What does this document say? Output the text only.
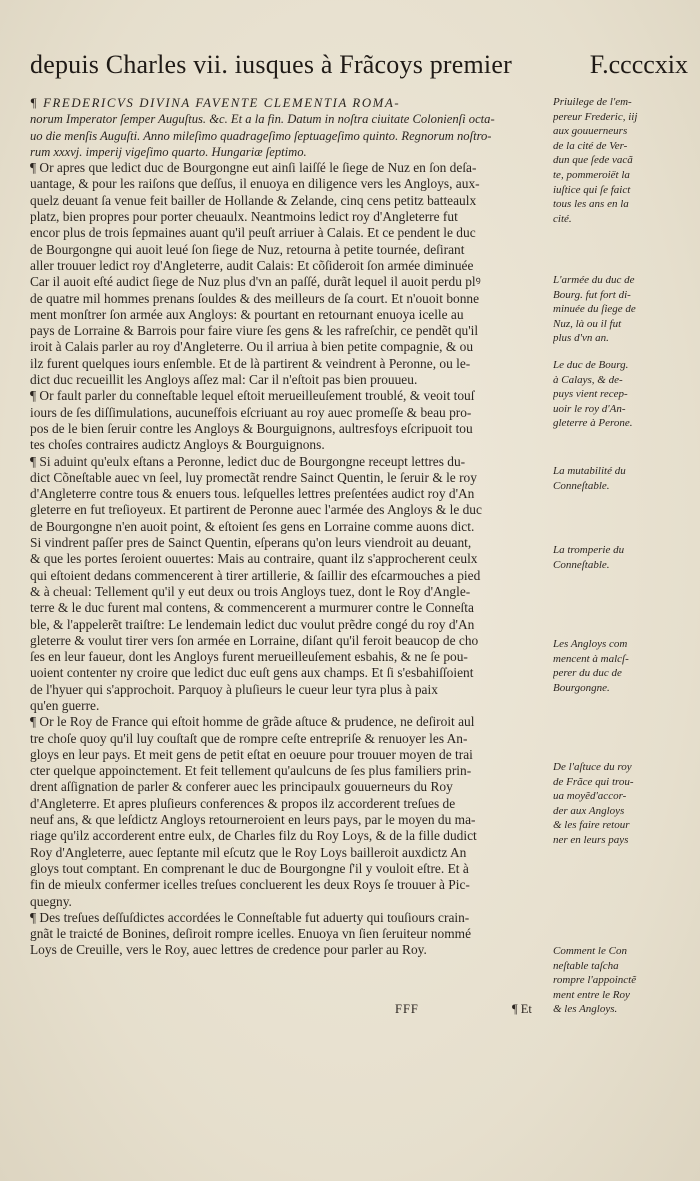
depuis Charles vii. iusques à Frãcoys premier	F.ccccxix
¶ FREDERICVS DIVINA FAVENTE CLEMENTIA ROMA-
norum Imperator ſemper Auguſtus. &c. Et a la fin. Datum in noſtra ciuitate Colonienſi octa-
uo die menſis Auguſti. Anno mileſimo quadrageſimo ſeptuageſimo quinto. Regnorum noſtro-
rum xxxvj. imperij vigeſimo quarto. Hungariæ ſeptimo.
¶ Or apres que ledict duc de Bourgongne eut ainſi laiſſé le ſiege de Nuz en ſon deſa-
uantage, & pour les raiſons que deſſus, il enuoya en diligence vers les Angloys, aux-
quelz deuant ſa venue feit bailler de Hollande & Zelande, cinq cens petitz batteaulx
platz, bien propres pour porter cheuaulx. Neantmoins ledict roy d'Angleterre fut
encor plus de trois ſepmaines auant qu'il peuſt arriuer à Calais. Et ce pendent le duc
de Bourgongne qui auoit leué ſon ſiege de Nuz, retourna à petite tournée, deſirant
aller trouuer ledict roy d'Angleterre, audit Calais: Et cõſideroit ſon armée diminuée
Car il auoit eſté audict ſiege de Nuz plus d'vn an paſſé, durãt lequel il auoit perdu plꝰ
de quatre mil hommes prenans ſouldes & des meilleurs de ſa court. Et n'ouoit bonne
ment monſtrer ſon armée aux Angloys: & pourtant en retournant enuoya icelle au
pays de Lorraine & Barrois pour faire viure ſes gens & les rafreſchir, ce pendẽt qu'il
iroit à Calais parler au roy d'Angleterre. Ou il arriua à bien petite compagnie, & ou
ilz furent quelques iours enſemble. Et de là partirent & veindrent à Peronne, ou le-
dict duc recueillit les Angloys aſſez mal: Car il n'eſtoit pas bien prouueu.
¶ Or fault parler du conneſtable lequel eſtoit merueilleuſement troublé, & veoit touſ
iours de ſes diſſimulations, aucuneſfois eſcriuant au roy auec promeſſe & beau pro-
pos de le bien ſeruir contre les Angloys & Bourguignons, aultresfoys eſcripuoit tou
tes choſes contraires audictz Angloys & Bourguignons.
¶ Si aduint qu'eulx eſtans a Peronne, ledict duc de Bourgongne receupt lettres du-
dict Cõneſtable auec vn ſeel, luy promectãt rendre Sainct Quentin, le ſeruir & le roy
d'Angleterre contre tous & enuers tous. leſquelles lettres preſentées audict roy d'An
gleterre en fut treſioyeux. Et partirent de Peronne auec l'armée des Angloys & le duc
de Bourgongne n'en auoit point, & eſtoient ſes gens en Lorraine comme auons dict.
Si vindrent paſſer pres de Sainct Quentin, eſperans qu'on leurs viendroit au deuant,
& que les portes ſeroient ouuertes: Mais au contraire, quant ilz s'approcherent ceulx
qui eſtoient dedans commencerent à tirer artillerie, & ſaillir des eſcarmouches a pied
& à cheual: Tellement qu'il y eut deux ou trois Angloys tuez, dont le Roy d'Angle-
terre & le duc furent mal contens, & commencerent a murmurer contre le Conneſta
ble, & l'appelerẽt traiſtre: Le lendemain ledict duc voulut prẽdre congé du roy d'An
gleterre & voulut tirer vers ſon armée en Lorraine, diſant qu'il feroit beaucop de cho
ſes en leur faueur, dont les Angloys furent merueilleuſement esbahis, & ne ſe pou-
uoient contenter ny croire que ledict duc euſt gens aux champs. Et ſi s'esbahiſſoient
de l'hyuer qui s'approchoit. Parquoy à pluſieurs le cueur leur tyra plus à paix
qu'en guerre.
¶ Or le Roy de France qui eſtoit homme de grãde aſtuce & prudence, ne deſiroit aul
tre choſe quoy qu'il luy couſtaſt que de rompre ceſte entrepriſe & renuoyer les An-
gloys en leur pays. Et meit gens de petit eſtat en oeuure pour trouuer moyen de trai
cter quelque appoinctement. Et feit tellement qu'aulcuns de ſes plus familiers prin-
drent aſſignation de parler & conferer auec les principaulx gouuerneurs du Roy
d'Angleterre. Et apres pluſieurs conferences & propos ilz accorderent treſues de
neuf ans, & que leſdictz Angloys retourneroient en leurs pays, par le moyen du ma-
riage qu'ilz accorderent entre eulx, de Charles filz du Roy Loys, & de la fille dudict
Roy d'Angleterre, auec ſeptante mil eſcutz que le Roy Loys bailleroit auxdictz An
gloys tout comptant. En comprenant le duc de Bourgongne ſ'il y vouloit eſtre. Et à
fin de mieulx confermer icelles treſues concluerent les deux Roys ſe trouuer à Pic-
quegny.
¶ Des treſues deſſuſdictes accordées le Conneſtable fut aduerty qui touſiours crain-
gnãt le traicté de Bonines, deſiroit rompre icelles. Enuoya vn ſien ſeruiteur nommé
Loys de Creuille, vers le Roy, auec lettres de credence pour parler au Roy.
Priuilege de l'em-
pereur Frederic, iij
aux gouuerneurs
de la cité de Ver-
dun que ſede vacã
te, pommeroiët la
iuſtice qui ſe faict
tous les ans en la
cité.
L'armée du duc de
Bourg. fut fort di-
minuée du ſiege de
Nuz, là ou il fut
plus d'vn an.
Le duc de Bourg.
à Calays, & de-
puys vient recep-
uoir le roy d'An-
gleterre à Perone.
La mutabilité du
Conneſtable.
La tromperie du
Conneſtable.
Les Angloys com
mencent à malcſ-
perer du duc de
Bourgongne.
De l'aſtuce du roy
de Frãce qui trou-
ua moyẽd'accor-
der aux Angloys
& les faire retour
ner en leurs pays
Comment le Con
neſtable taſcha
rompre l'appoinctẽ
ment entre le Roy
& les Angloys.
FFF	¶ Et
